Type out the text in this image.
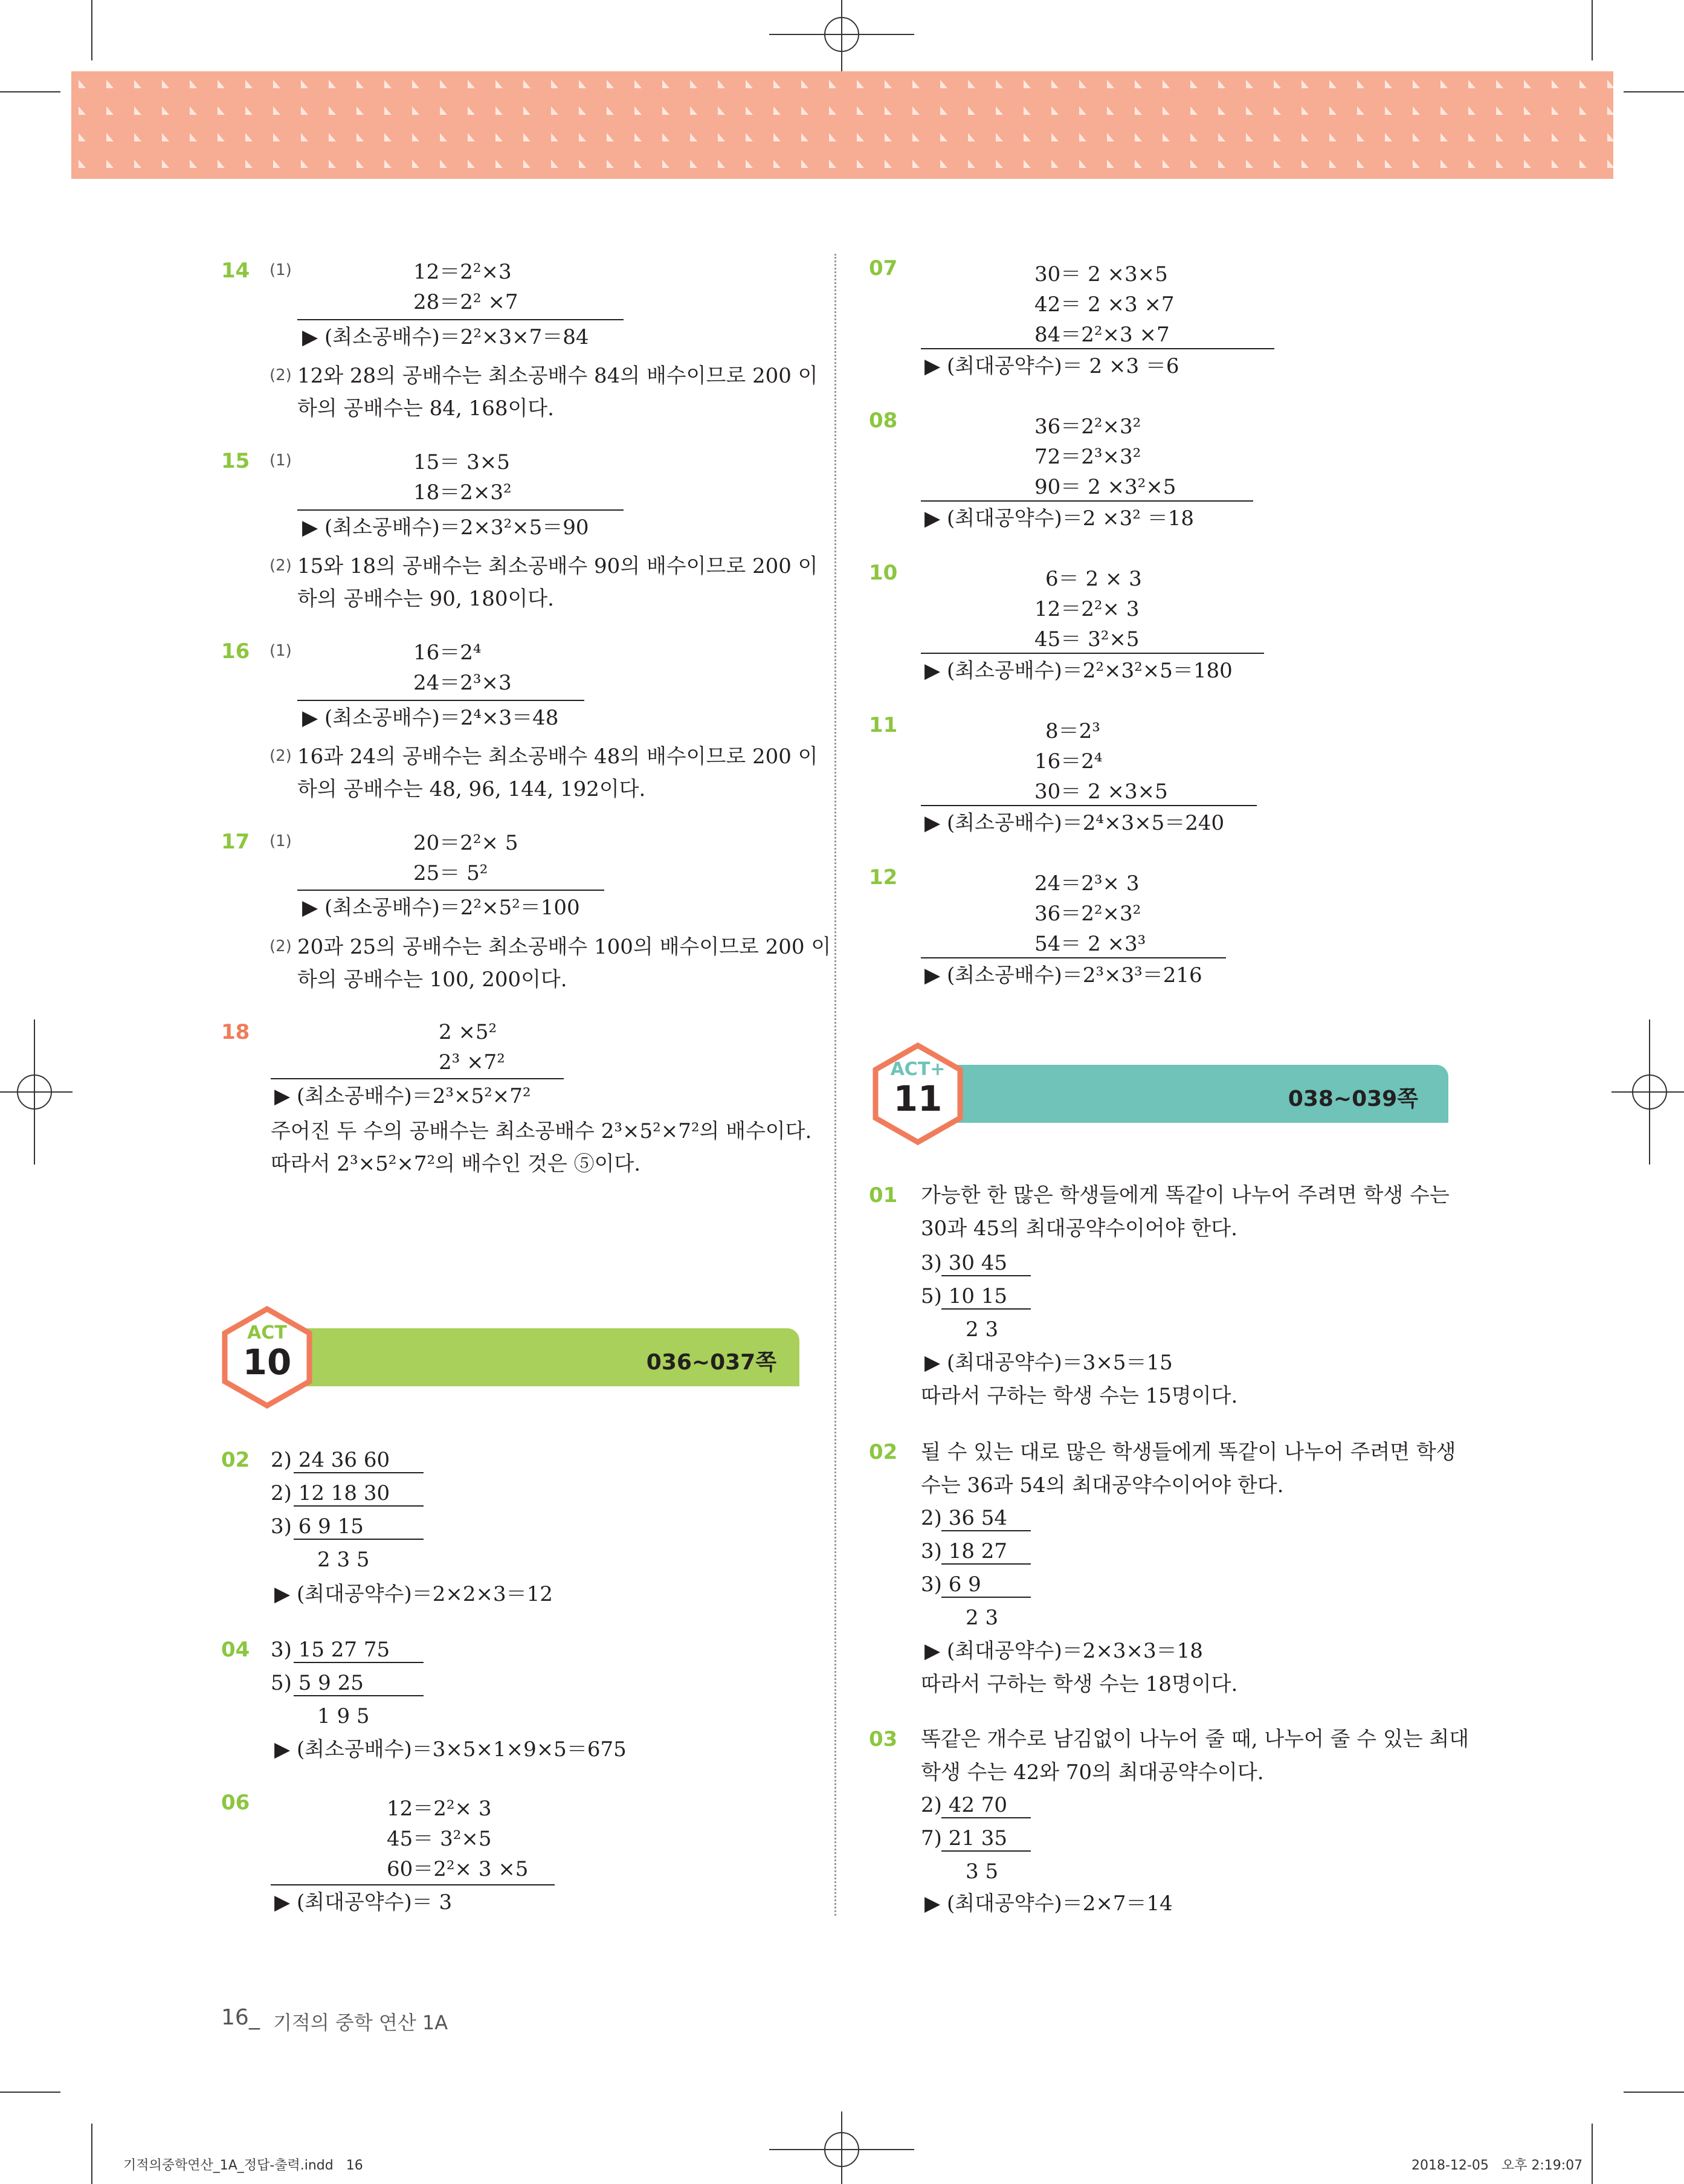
14 (1)	12＝2²×3
28＝2² ×7
▶ (최소공배수)＝2²×3×7＝84
(2) 12와 28의 공배수는 최소공배수 84의 배수이므로 200 이
하의 공배수는 84, 168이다.
15 (1)	15＝ 3×5
18＝2×3²
▶ (최소공배수)＝2×3²×5＝90
(2) 15와 18의 공배수는 최소공배수 90의 배수이므로 200 이
하의 공배수는 90, 180이다.
16 (1)	16＝2⁴
24＝2³×3
▶ (최소공배수)＝2⁴×3＝48
(2) 16과 24의 공배수는 최소공배수 48의 배수이므로 200 이
하의 공배수는 48, 96, 144, 192이다.
17 (1)	20＝2²× 5
25＝ 5²
▶ (최소공배수)＝2²×5²＝100
(2) 20과 25의 공배수는 최소공배수 100의 배수이므로 200 이
하의 공배수는 100, 200이다.
18	2 ×5²
2³ ×7²
▶ (최소공배수)＝2³×5²×7²
주어진 두 수의 공배수는 최소공배수 2³×5²×7²의 배수이다.
따라서 2³×5²×7²의 배수인 것은 ⑤이다.
ACT
10	036~037쪽
02 2) 24 36 60
2) 12 18 30
3) 6 9 15
2 3 5
▶ (최대공약수)＝2×2×3＝12
04 3) 15 27 75
5) 5 9 25
1 9 5
▶ (최소공배수)＝3×5×1×9×5＝675
06	12＝2²× 3
45＝ 3²×5
60＝2²× 3 ×5
▶ (최대공약수)＝ 3
07	30＝ 2 ×3×5
42＝ 2 ×3 ×7
84＝2²×3 ×7
▶ (최대공약수)＝ 2 ×3 ＝6
08	36＝2²×3²
72＝2³×3²
90＝ 2 ×3²×5
▶ (최대공약수)＝2 ×3² ＝18
10	6＝ 2 × 3
12＝2²× 3
45＝ 3²×5
▶ (최소공배수)＝2²×3²×5＝180
11	8＝2³
16＝2⁴
30＝ 2 ×3×5
▶ (최소공배수)＝2⁴×3×5＝240
12	24＝2³× 3
36＝2²×3²
54＝ 2 ×3³
▶ (최소공배수)＝2³×3³＝216
ACT+
11	038~039쪽
01 가능한 한 많은 학생들에게 똑같이 나누어 주려면 학생 수는
30과 45의 최대공약수이어야 한다.
3) 30 45
5) 10 15
2 3
▶ (최대공약수)＝3×5＝15
따라서 구하는 학생 수는 15명이다.
02 될 수 있는 대로 많은 학생들에게 똑같이 나누어 주려면 학생
수는 36과 54의 최대공약수이어야 한다.
2) 36 54
3) 18 27
3) 6 9
2 3
▶ (최대공약수)＝2×3×3＝18
따라서 구하는 학생 수는 18명이다.
03 똑같은 개수로 남김없이 나누어 줄 때, 나누어 줄 수 있는 최대
학생 수는 42와 70의 최대공약수이다.
2) 42 70
7) 21 35
3 5
▶ (최대공약수)＝2×7＝14
16 _ 기적의 중학 연산 1A
기적의중학연산_1A_정답-출력.indd   16	2018-12-05   오후 2:19:07
